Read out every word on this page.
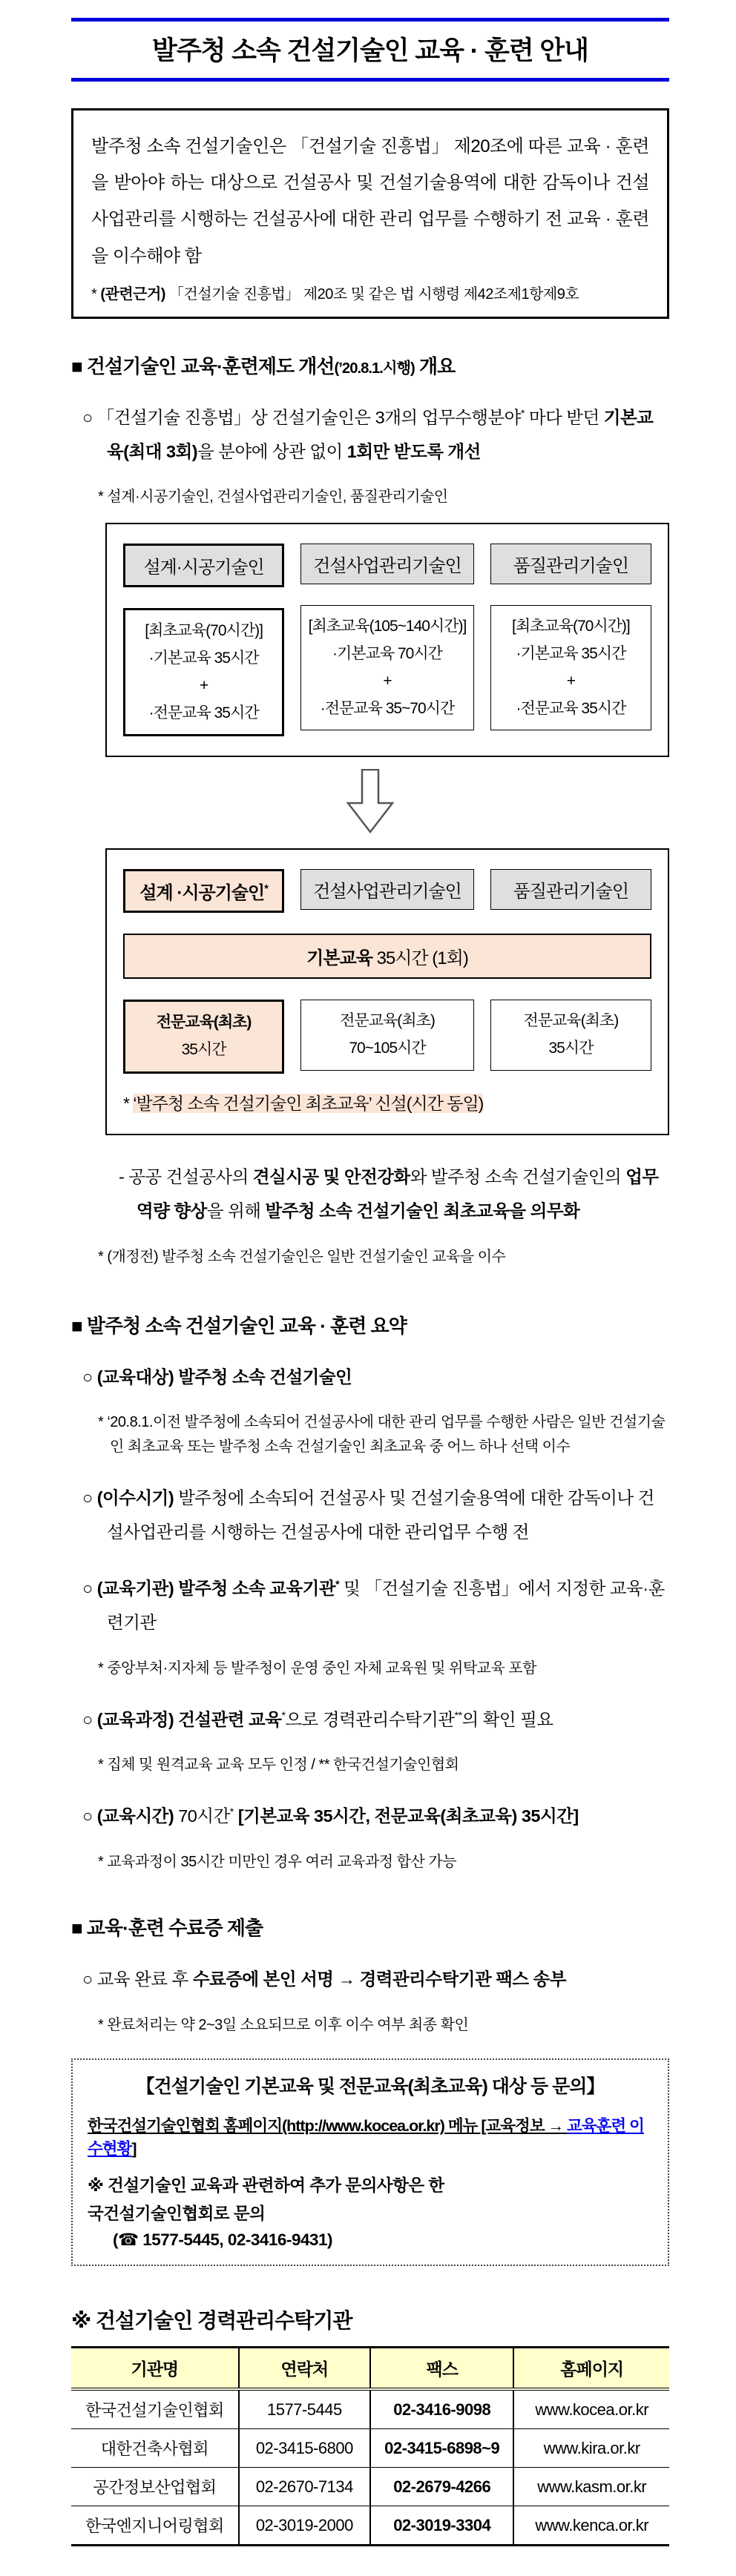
발주청 소속 건설기술인 교육 · 훈련 안내
발주청 소속 건설기술인은 「건설기술 진흥법」 제20조에 따른 교육 · 훈련을 받아야 하는 대상으로 건설공사 및 건설기술용역에 대한 감독이나 건설사업관리를 시행하는 건설공사에 대한 관리 업무를 수행하기 전 교육 · 훈련을 이수해야 함
* (관련근거) 「건설기술 진흥법」 제20조 및 같은 법 시행령 제42조제1항제9호
■ 건설기술인 교육·훈련제도 개선(’20.8.1.시행) 개요
○ 「건설기술 진흥법」상 건설기술인은 3개의 업무수행분야* 마다 받던 기본교육(최대 3회)을 분야에 상관 없이 1회만 받도록 개선
* 설계·시공기술인, 건설사업관리기술인, 품질관리기술인
설계·시공기술인
[최초교육(70시간)]
·기본교육 35시간
+
·전문교육 35시간
건설사업관리기술인
[최초교육(105~140시간)]
·기본교육 70시간
+
·전문교육 35~70시간
품질관리기술인
[최초교육(70시간)]
·기본교육 35시간
+
·전문교육 35시간
설계 ·시공기술인*	건설사업관리기술인	품질관리기술인
기본교육 35시간 (1회)
전문교육(최초)
35시간
전문교육(최초)
70~105시간
전문교육(최초)
35시간
* ‘발주청 소속 건설기술인 최초교육’ 신설(시간 동일)
- 공공 건설공사의 견실시공 및 안전강화와 발주청 소속 건설기술인의 업무역량 향상을 위해 발주청 소속 건설기술인 최초교육을 의무화
* (개정전) 발주청 소속 건설기술인은 일반 건설기술인 교육을 이수
■ 발주청 소속 건설기술인 교육 · 훈련 요약
○ (교육대상) 발주청 소속 건설기술인
* ‘20.8.1.이전 발주청에 소속되어 건설공사에 대한 관리 업무를 수행한 사람은 일반 건설기술인 최초교육 또는 발주청 소속 건설기술인 최초교육 중 어느 하나 선택 이수
○ (이수시기) 발주청에 소속되어 건설공사 및 건설기술용역에 대한 감독이나 건설사업관리를 시행하는 건설공사에 대한 관리업무 수행 전
○ (교육기관) 발주청 소속 교육기관* 및 「건설기술 진흥법」에서 지정한 교육·훈련기관
* 중앙부처·지자체 등 발주청이 운영 중인 자체 교육원 및 위탁교육 포함
○ (교육과정) 건설관련 교육*으로 경력관리수탁기관**의 확인 필요
* 집체 및 원격교육 교육 모두 인정 / ** 한국건설기술인협회
○ (교육시간) 70시간* [기본교육 35시간, 전문교육(최초교육) 35시간]
* 교육과정이 35시간 미만인 경우 여러 교육과정 합산 가능
■ 교육·훈련 수료증 제출
○ 교육 완료 후 수료증에 본인 서명 → 경력관리수탁기관 팩스 송부
* 완료처리는 약 2~3일 소요되므로 이후 이수 여부 최종 확인
【건설기술인 기본교육 및 전문교육(최초교육) 대상 등 문의】
한국건설기술인협회 홈페이지(http://www.kocea.or.kr) 메뉴 [교육정보 → 교육훈련 이수현황]
※ 건설기술인 교육과 관련하여 추가 문의사항은 한
국건설기술인협회로 문의
(☎ 1577-5445, 02-3416-9431)
※ 건설기술인 경력관리수탁기관
기관명	연락처	팩스	홈페이지
한국건설기술인협회	1577-5445	02-3416-9098	www.kocea.or.kr
대한건축사협회	02-3415-6800	02-3415-6898~9	www.kira.or.kr
공간정보산업협회	02-2670-7134	02-2679-4266	www.kasm.or.kr
한국엔지니어링협회	02-3019-2000	02-3019-3304	www.kenca.or.kr
